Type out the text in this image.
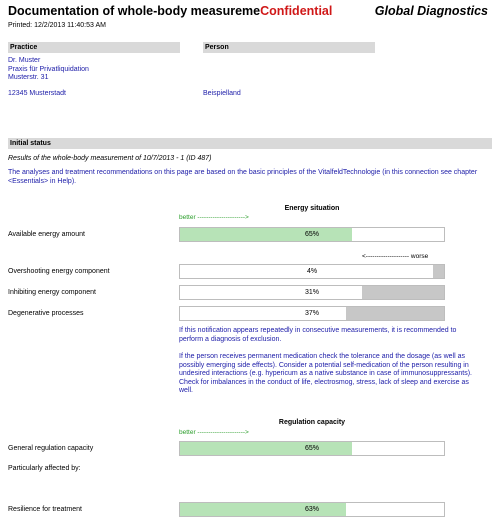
Documentation of whole-body measuremeConfidential	Global Diagnostics
Printed: 12/2/2013 11:40:53 AM
Practice	Person
Dr. Muster
Praxis für Privatliquidation
Musterstr. 31
12345 Musterstadt	Beispielland
Initial status
Results of the whole-body measurement of 10/7/2013 - 1 (ID 487)
The analyses and treatment recommendations on this page are based on the basic principles of the VitalfeldTechnologie (in this connection see chapter <Essentials> in Help).
Energy situation
better ---------------------->
Available energy amount	65%
<-------------------- worse
Overshooting energy component	4%
Inhibiting energy component	31%
Degenerative processes	37%
If this notification appears repeatedly in consecutive measurements, it is recommended to perform a diagnosis of exclusion.
If the person receives permanent medication check the tolerance and the dosage (as well as possibly emerging side effects). Consider a potential self-medication of the person resulting in undesired interactions (e.g. hypericum as a native substance in case of immunosuppressants). Check for imbalances in the conduct of life, electrosmog, stress, lack of sleep and exercise as well.
Regulation capacity
better ---------------------->
General regulation capacity	65%
Particularly affected by:
Resilience for treatment	63%
